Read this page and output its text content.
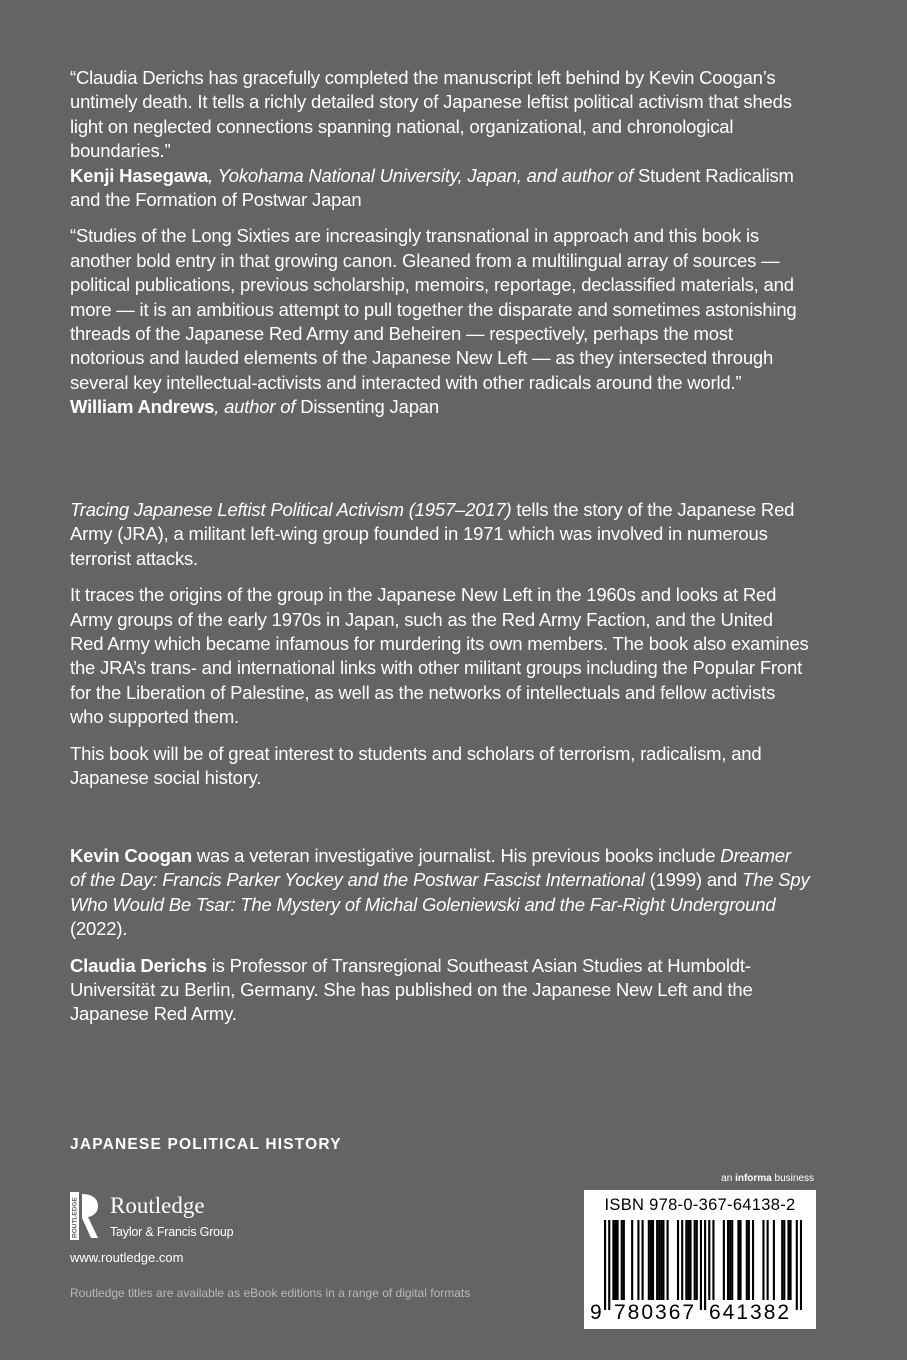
“Claudia Derichs has gracefully completed the manuscript left behind by Kevin Coogan’s untimely death. It tells a richly detailed story of Japanese leftist political activism that sheds light on neglected connections spanning national, organizational, and chronological boundaries.”

Kenji Hasegawa, Yokohama National University, Japan, and author of Student Radicalism and the Formation of Postwar Japan

“Studies of the Long Sixties are increasingly transnational in approach and this book is another bold entry in that growing canon. Gleaned from a multilingual array of sources — political publications, previous scholarship, memoirs, reportage, declassified materials, and more — it is an ambitious attempt to pull together the disparate and sometimes astonishing threads of the Japanese Red Army and Beheiren — respectively, perhaps the most notorious and lauded elements of the Japanese New Left — as they intersected through several key intellectual-activists and interacted with other radicals around the world.”

William Andrews, author of Dissenting Japan

Tracing Japanese Leftist Political Activism (1957–2017) tells the story of the Japanese Red Army (JRA), a militant left-wing group founded in 1971 which was involved in numerous terrorist attacks.

It traces the origins of the group in the Japanese New Left in the 1960s and looks at Red Army groups of the early 1970s in Japan, such as the Red Army Faction, and the United Red Army which became infamous for murdering its own members. The book also examines the JRA’s trans- and international links with other militant groups including the Popular Front for the Liberation of Palestine, as well as the networks of intellectuals and fellow activists who supported them.

This book will be of great interest to students and scholars of terrorism, radicalism, and Japanese social history.

Kevin Coogan was a veteran investigative journalist. His previous books include Dreamer of the Day: Francis Parker Yockey and the Postwar Fascist International (1999) and The Spy Who Would Be Tsar: The Mystery of Michal Goleniewski and the Far-Right Underground (2022).

Claudia Derichs is Professor of Transregional Southeast Asian Studies at Humboldt-Universität zu Berlin, Germany. She has published on the Japanese New Left and the Japanese Red Army.

JAPANESE POLITICAL HISTORY
ROUTLEDGE Routledge
Taylor & Francis Group
www.routledge.com
Routledge titles are available as eBook editions in a range of digital formats
an informa business
ISBN 978-0-367-64138-2
9 780367 641382
